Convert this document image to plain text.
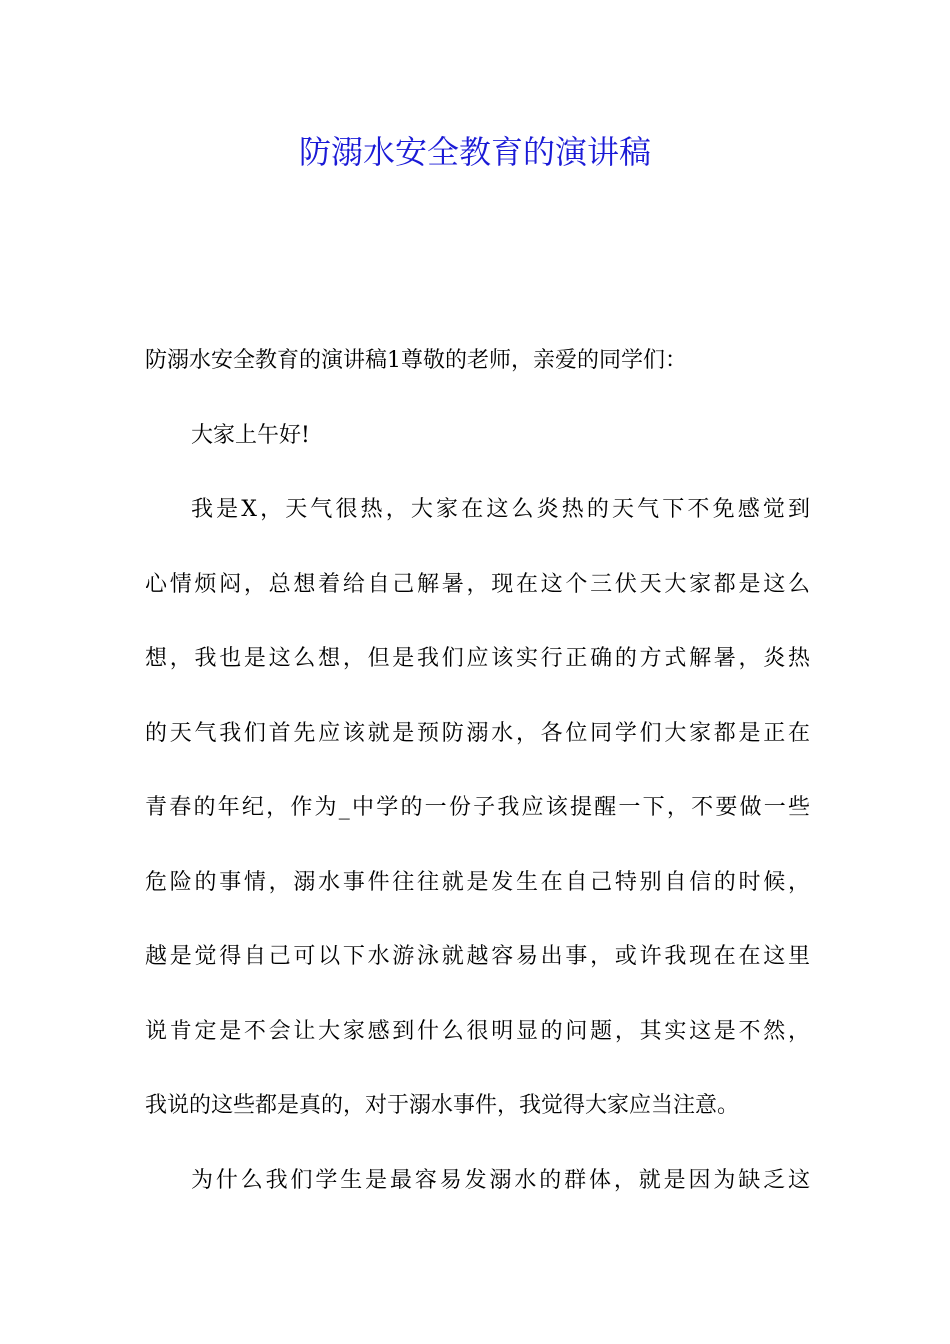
防溺水安全教育的演讲稿

防溺水安全教育的演讲稿1尊敬的老师，亲爱的同学们：

大家上午好!

我是X，天气很热，大家在这么炎热的天气下不免感觉到

心情烦闷，总想着给自己解暑，现在这个三伏天大家都是这么

想，我也是这么想，但是我们应该实行正确的方式解暑，炎热

的天气我们首先应该就是预防溺水，各位同学们大家都是正在

青春的年纪，作为_中学的一份子我应该提醒一下，不要做一些

危险的事情，溺水事件往往就是发生在自己特别自信的时候，

越是觉得自己可以下水游泳就越容易出事，或许我现在在这里

说肯定是不会让大家感到什么很明显的问题，其实这是不然，

我说的这些都是真的，对于溺水事件，我觉得大家应当注意。

为什么我们学生是最容易发溺水的群体，就是因为缺乏这
